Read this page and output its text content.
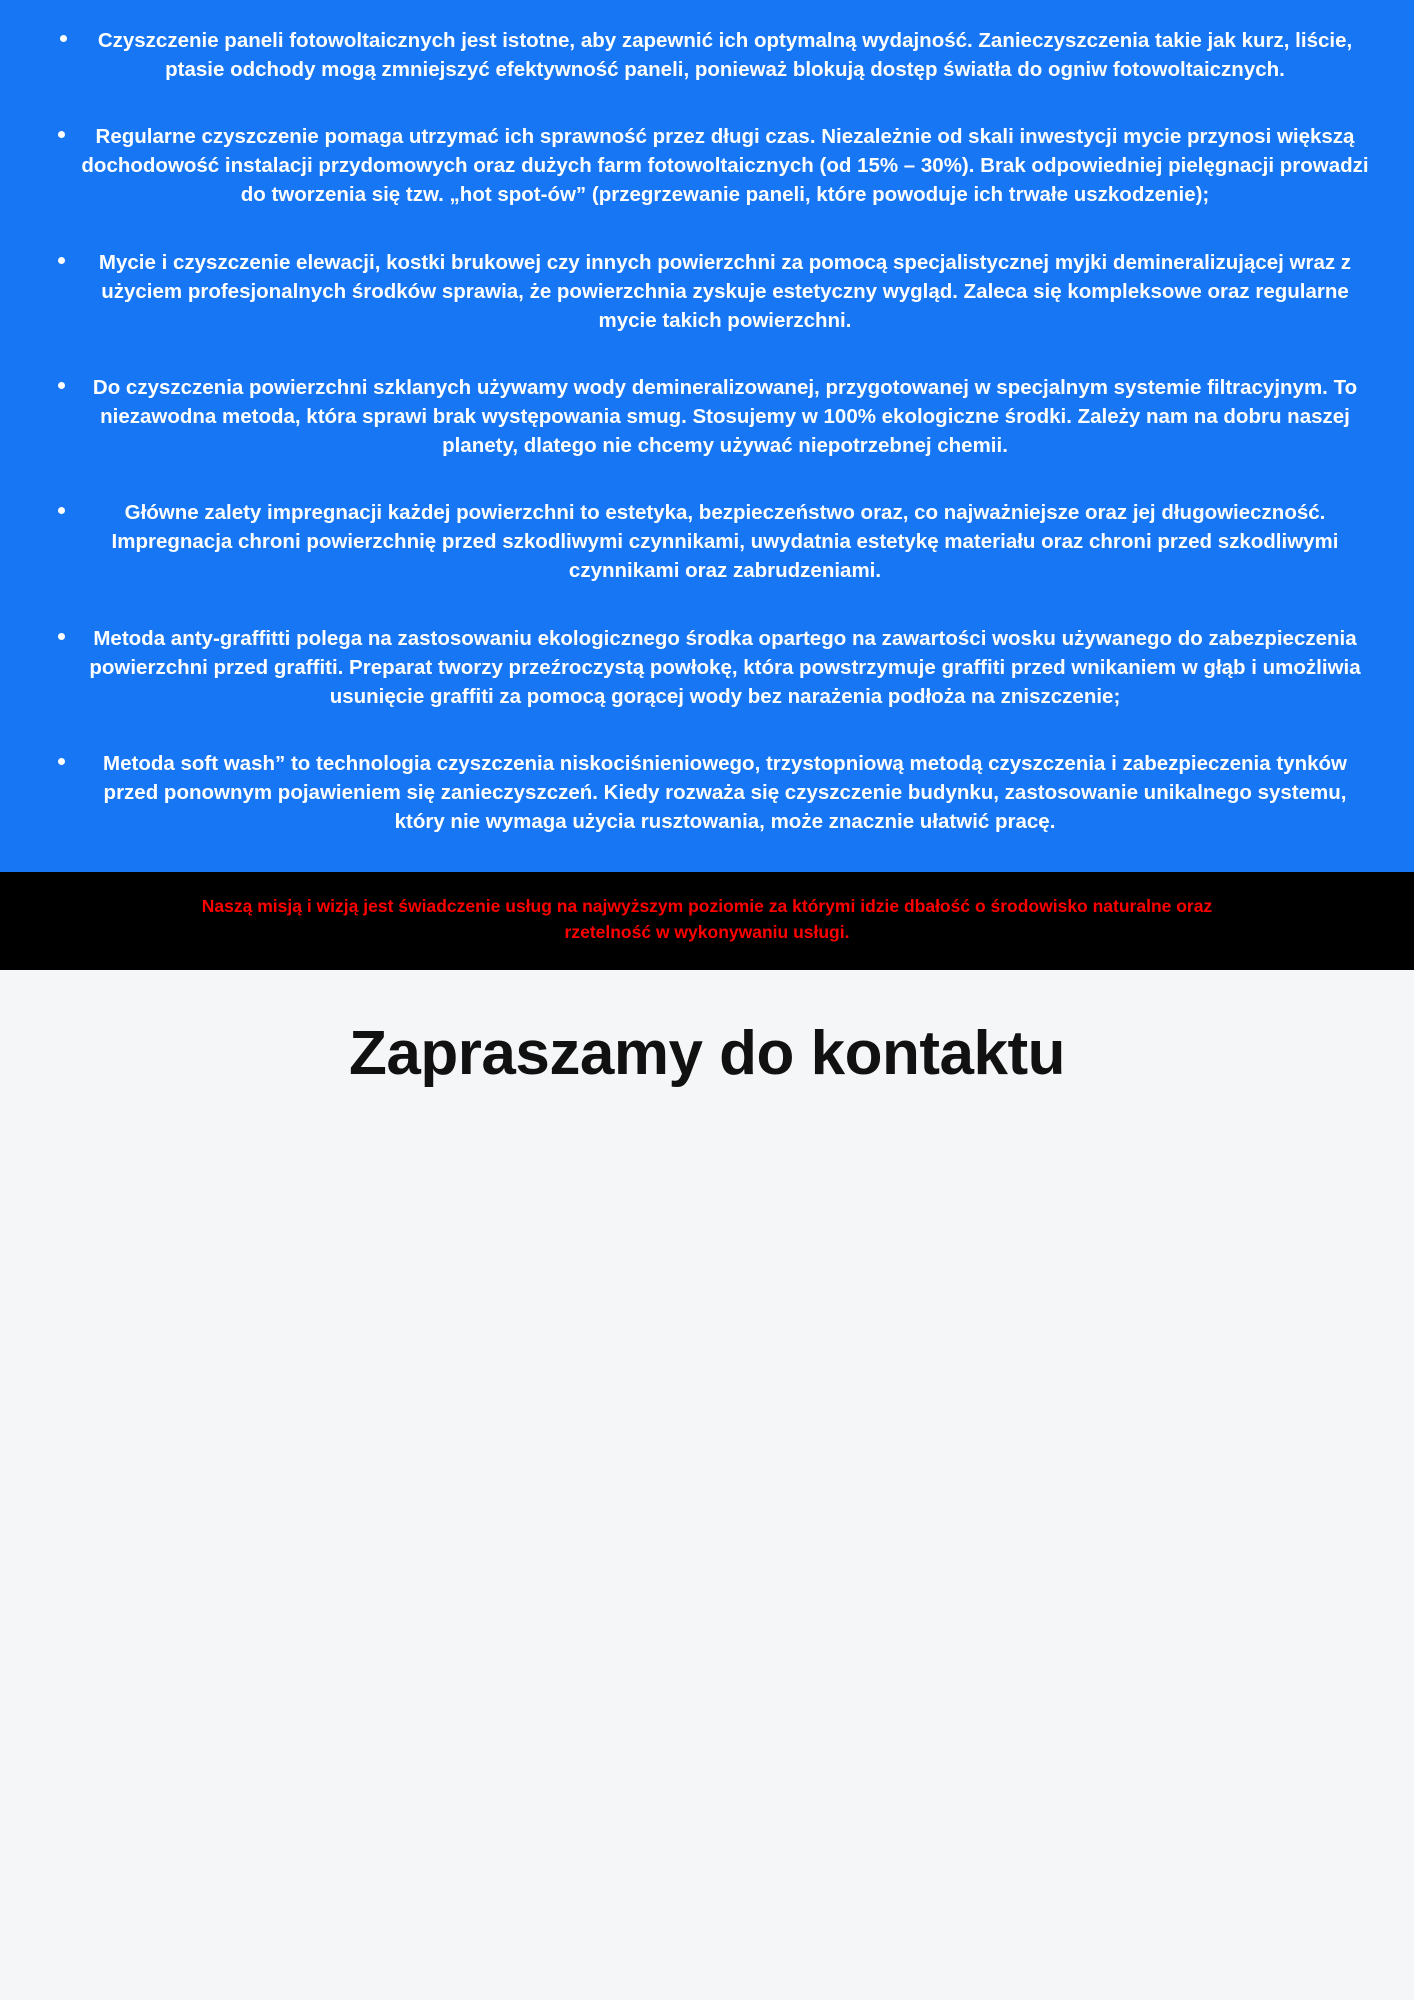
Czyszczenie paneli fotowoltaicznych jest istotne, aby zapewnić ich optymalną wydajność. Zanieczyszczenia takie jak kurz, liście,
ptasie odchody mogą zmniejszyć efektywność paneli, ponieważ blokują dostęp światła do ogniw fotowoltaicznych.
Regularne czyszczenie pomaga utrzymać ich sprawność przez długi czas. Niezależnie od skali inwestycji mycie przynosi większą
dochodowość instalacji przydomowych oraz dużych farm fotowoltaicznych (od 15% – 30%). Brak odpowiedniej pielęgnacji prowadzi
do tworzenia się tzw. „hot spot-ów” (przegrzewanie paneli, które powoduje ich trwałe uszkodzenie);
Mycie i czyszczenie elewacji, kostki brukowej czy innych powierzchni za pomocą specjalistycznej myjki demineralizującej wraz z
użyciem profesjonalnych środków sprawia, że powierzchnia zyskuje estetyczny wygląd. Zaleca się kompleksowe oraz regularne
mycie takich powierzchni.
Do czyszczenia powierzchni szklanych używamy wody demineralizowanej, przygotowanej w specjalnym systemie filtracyjnym. To
niezawodna metoda, która sprawi brak występowania smug. Stosujemy w 100% ekologiczne środki. Zależy nam na dobru naszej
planety, dlatego nie chcemy używać niepotrzebnej chemii.
Główne zalety impregnacji każdej powierzchni to estetyka, bezpieczeństwo oraz, co najważniejsze oraz jej długowieczność.
Impregnacja chroni powierzchnię przed szkodliwymi czynnikami, uwydatnia estetykę materiału oraz chroni przed szkodliwymi
czynnikami oraz zabrudzeniami.
Metoda anty-graffitti polega na zastosowaniu ekologicznego środka opartego na zawartości wosku używanego do zabezpieczenia
powierzchni przed graffiti. Preparat tworzy przeźroczystą powłokę, która powstrzymuje graffiti przed wnikaniem w głąb i umożliwia
usunięcie graffiti za pomocą gorącej wody bez narażenia podłoża na zniszczenie;
Metoda soft wash” to technologia czyszczenia niskociśnieniowego, trzystopniową metodą czyszczenia i zabezpieczenia tynków
przed ponownym pojawieniem się zanieczyszczeń. Kiedy rozważa się czyszczenie budynku, zastosowanie unikalnego systemu,
który nie wymaga użycia rusztowania, może znacznie ułatwić pracę.

Naszą misją i wizją jest świadczenie usług na najwyższym poziomie za którymi idzie dbałość o środowisko naturalne oraz
rzetelność w wykonywaniu usługi.

Zapraszamy do kontaktu
